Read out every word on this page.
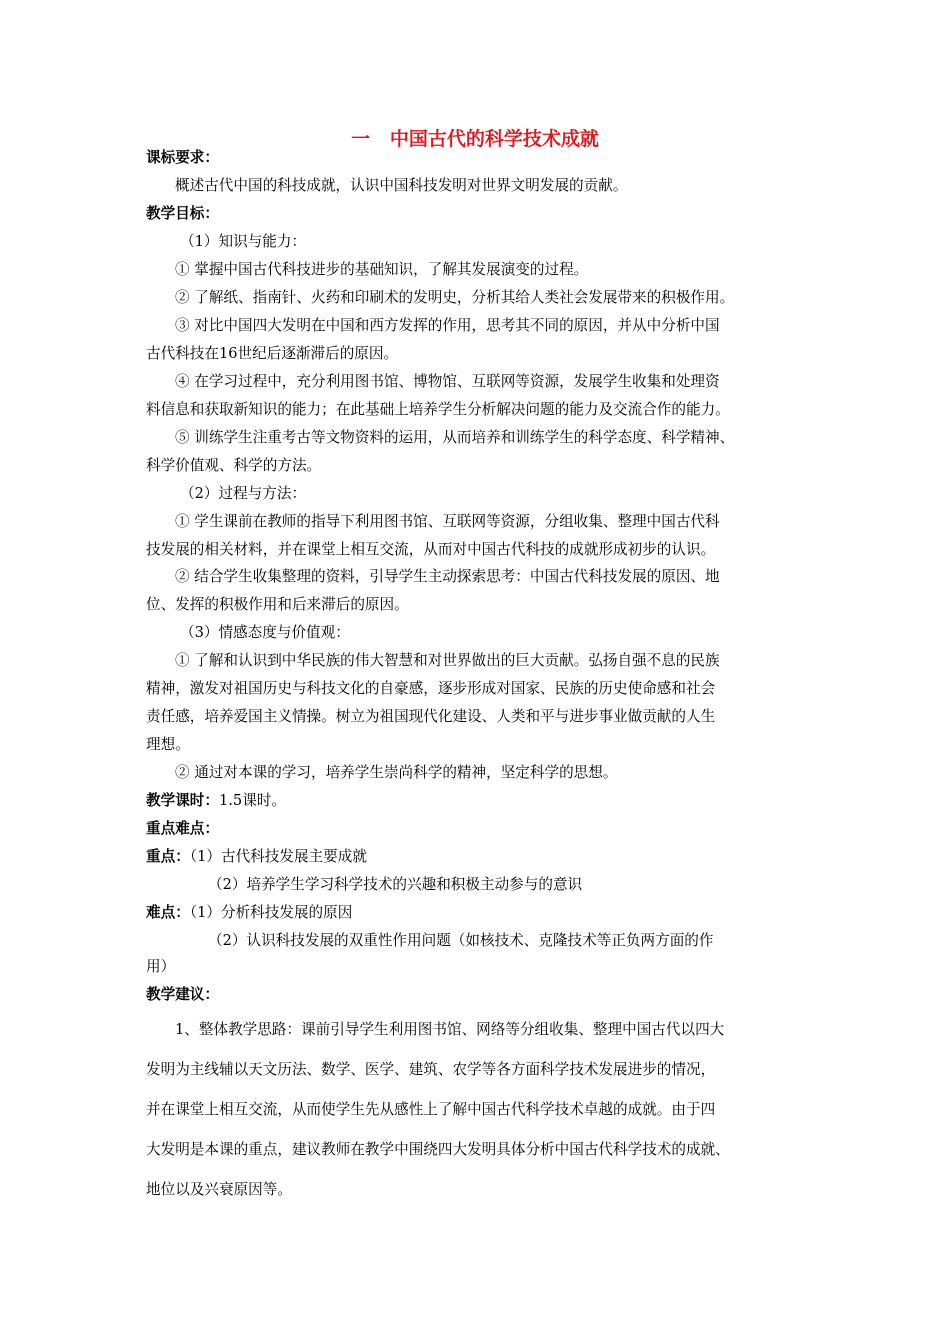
一   中国古代的科学技术成就
课标要求：
概述古代中国的科技成就，认识中国科技发明对世界文明发展的贡献。
教学目标：
（1）知识与能力：
① 掌握中国古代科技进步的基础知识，了解其发展演变的过程。
② 了解纸、指南针、火药和印刷术的发明史，分析其给人类社会发展带来的积极作用。
③ 对比中国四大发明在中国和西方发挥的作用，思考其不同的原因，并从中分析中国
古代科技在16世纪后逐渐滞后的原因。
④ 在学习过程中，充分利用图书馆、博物馆、互联网等资源，发展学生收集和处理资
料信息和获取新知识的能力；在此基础上培养学生分析解决问题的能力及交流合作的能力。
⑤ 训练学生注重考古等文物资料的运用，从而培养和训练学生的科学态度、科学精神、
科学价值观、科学的方法。
（2）过程与方法：
① 学生课前在教师的指导下利用图书馆、互联网等资源，分组收集、整理中国古代科
技发展的相关材料，并在课堂上相互交流，从而对中国古代科技的成就形成初步的认识。
② 结合学生收集整理的资料，引导学生主动探索思考：中国古代科技发展的原因、地
位、发挥的积极作用和后来滞后的原因。
（3）情感态度与价值观：
① 了解和认识到中华民族的伟大智慧和对世界做出的巨大贡献。弘扬自强不息的民族
精神，激发对祖国历史与科技文化的自豪感，逐步形成对国家、民族的历史使命感和社会
责任感，培养爱国主义情操。树立为祖国现代化建设、人类和平与进步事业做贡献的人生
理想。
② 通过对本课的学习，培养学生崇尚科学的精神，坚定科学的思想。
教学课时：1.5课时。
重点难点：
重点：（1）古代科技发展主要成就
（2）培养学生学习科学技术的兴趣和积极主动参与的意识
难点：（1）分析科技发展的原因
（2）认识科技发展的双重性作用问题（如核技术、克隆技术等正负两方面的作
用）
教学建议：
1、整体教学思路：课前引导学生利用图书馆、网络等分组收集、整理中国古代以四大
发明为主线辅以天文历法、数学、医学、建筑、农学等各方面科学技术发展进步的情况，
并在课堂上相互交流，从而使学生先从感性上了解中国古代科学技术卓越的成就。由于四
大发明是本课的重点，建议教师在教学中围绕四大发明具体分析中国古代科学技术的成就、
地位以及兴衰原因等。
